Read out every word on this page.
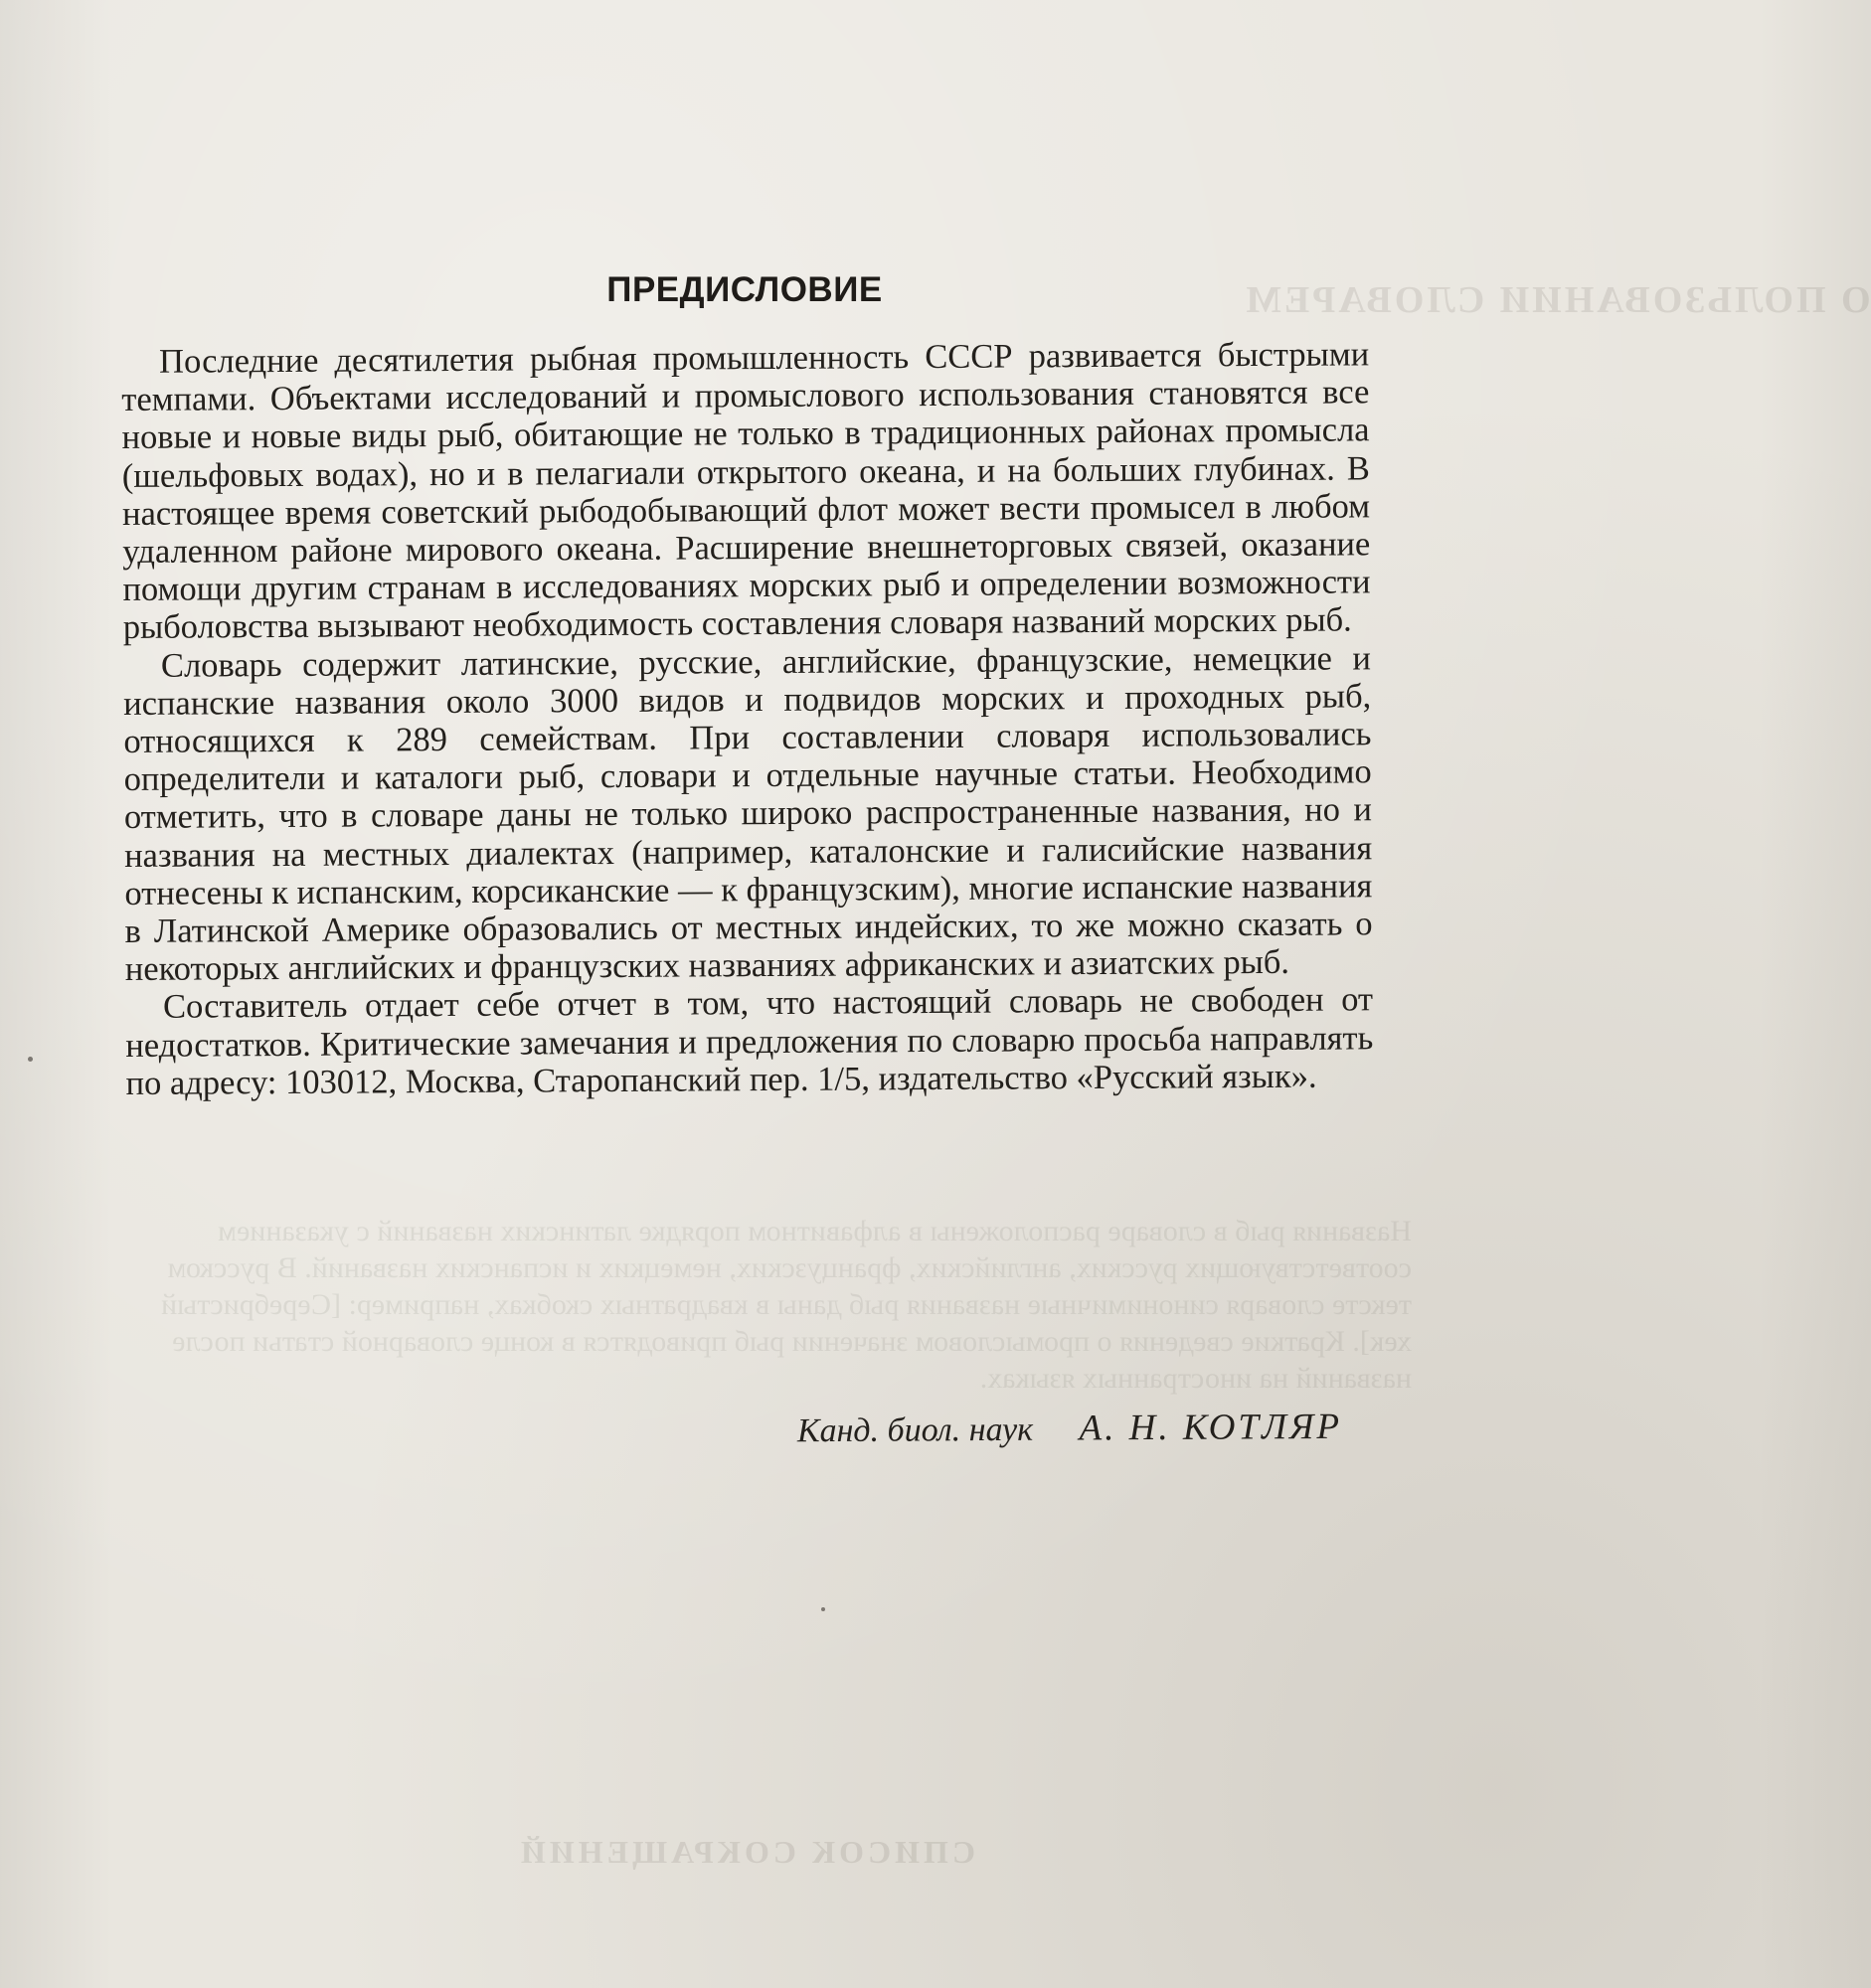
О ПОЛЬЗОВАНИИ СЛОВАРЕМ
Названия рыб в словаре расположены в алфавитном порядке латинских названий с указанием соответствующих русских, английских, французских, немецких и испанских названий. В русском тексте словаря синонимичные названия рыб даны в квадратных скобках, например: [Серебристый хек]. Краткие сведения о промысловом значении рыб приводятся в конце словарной статьи после названий на иностранных языках.
СПИСОК СОКРАЩЕНИЙ
ПРЕДИСЛОВИЕ

Последние десятилетия рыбная промышленность СССР развивается быстрыми темпами. Объектами исследований и промыслового использования становятся все новые и новые виды рыб, обитающие не только в традиционных районах промысла (шельфовых водах), но и в пелагиали открытого океана, и на больших глубинах. В настоящее время советский рыбодобывающий флот может вести промысел в любом удаленном районе мирового океана. Расширение внешнеторговых связей, оказание помощи другим странам в исследованиях морских рыб и определении возможности рыболовства вызывают необходимость составления словаря названий морских рыб.

Словарь содержит латинские, русские, английские, французские, немецкие и испанские названия около 3000 видов и подвидов морских и проходных рыб, относящихся к 289 семействам. При составлении словаря использовались определители и каталоги рыб, словари и отдельные научные статьи. Необходимо отметить, что в словаре даны не только широко распространенные названия, но и названия на местных диалектах (например, каталонские и галисийские названия отнесены к испанским, корсиканские — к французским), многие испанские названия в Латинской Америке образовались от местных индейских, то же можно сказать о некоторых английских и французских названиях африканских и азиатских рыб.

Составитель отдает себе отчет в том, что настоящий словарь не свободен от недостатков. Критические замечания и предложения по словарю просьба направлять по адресу: 103012, Москва, Старопанский пер. 1/5, издательство «Русский язык».

Канд. биол. наук А. Н. КОТЛЯР
